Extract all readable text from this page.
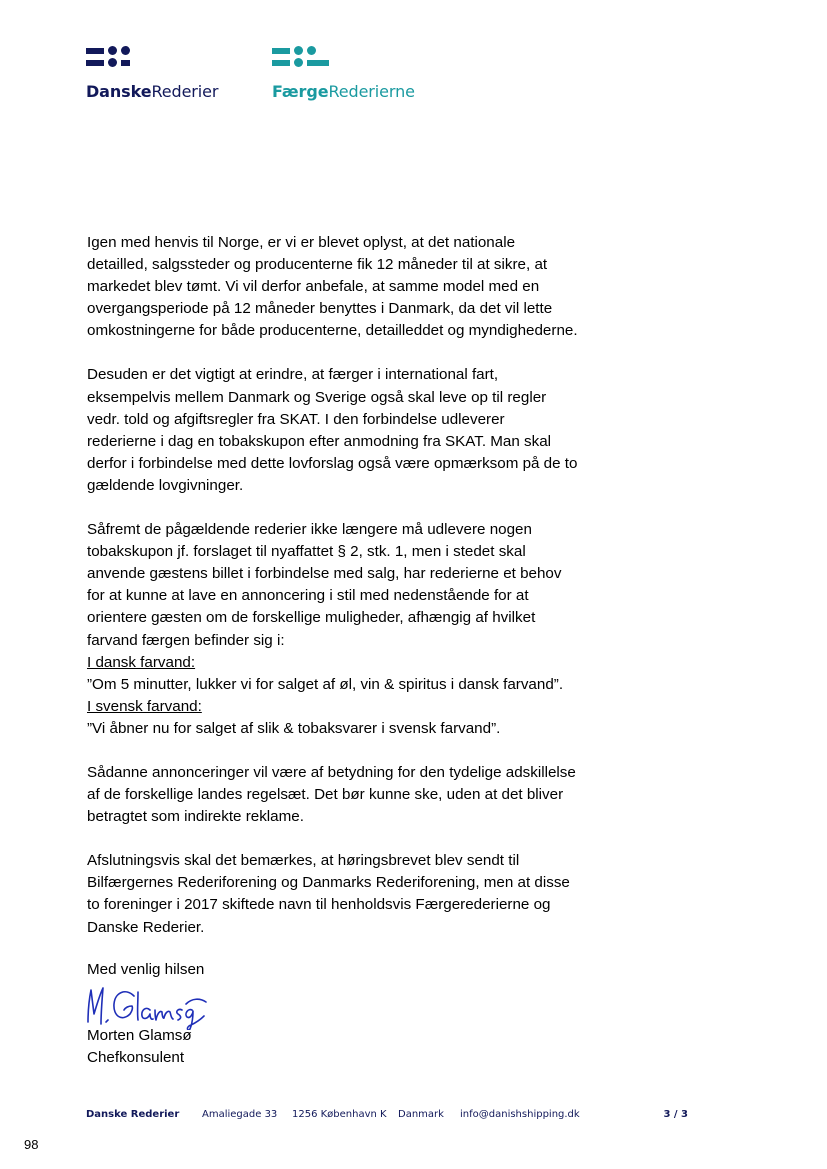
DanskeRederier	FærgeRederierne

Igen med henvis til Norge, er vi er blevet oplyst, at det nationale
detailled, salgssteder og producenterne fik 12 måneder til at sikre, at
markedet blev tømt. Vi vil derfor anbefale, at samme model med en
overgangsperiode på 12 måneder benyttes i Danmark, da det vil lette
omkostningerne for både producenterne, detailleddet og myndighederne.

Desuden er det vigtigt at erindre, at færger i international fart,
eksempelvis mellem Danmark og Sverige også skal leve op til regler
vedr. told og afgiftsregler fra SKAT. I den forbindelse udleverer
rederierne i dag en tobakskupon efter anmodning fra SKAT. Man skal
derfor i forbindelse med dette lovforslag også være opmærksom på de to
gældende lovgivninger.

Såfremt de pågældende rederier ikke længere må udlevere nogen
tobakskupon jf. forslaget til nyaffattet § 2, stk. 1, men i stedet skal
anvende gæstens billet i forbindelse med salg, har rederierne et behov
for at kunne at lave en annoncering i stil med nedenstående for at
orientere gæsten om de forskellige muligheder, afhængig af hvilket
farvand færgen befinder sig i:
I dansk farvand:
”Om 5 minutter, lukker vi for salget af øl, vin & spiritus i dansk farvand”.
I svensk farvand:
”Vi åbner nu for salget af slik & tobaksvarer i svensk farvand”.

Sådanne annonceringer vil være af betydning for den tydelige adskillelse
af de forskellige landes regelsæt. Det bør kunne ske, uden at det bliver
betragtet som indirekte reklame.

Afslutningsvis skal det bemærkes, at høringsbrevet blev sendt til
Bilfærgernes Rederiforening og Danmarks Rederiforening, men at disse
to foreninger i 2017 skiftede navn til henholdsvis Færgerederierne og
Danske Rederier.

Med venlig hilsen
Morten Glamsø
Chefkonsulent
Danske Rederier Amaliegade 33 1256 København K Danmark info@danishshipping.dk	3 / 3
98
